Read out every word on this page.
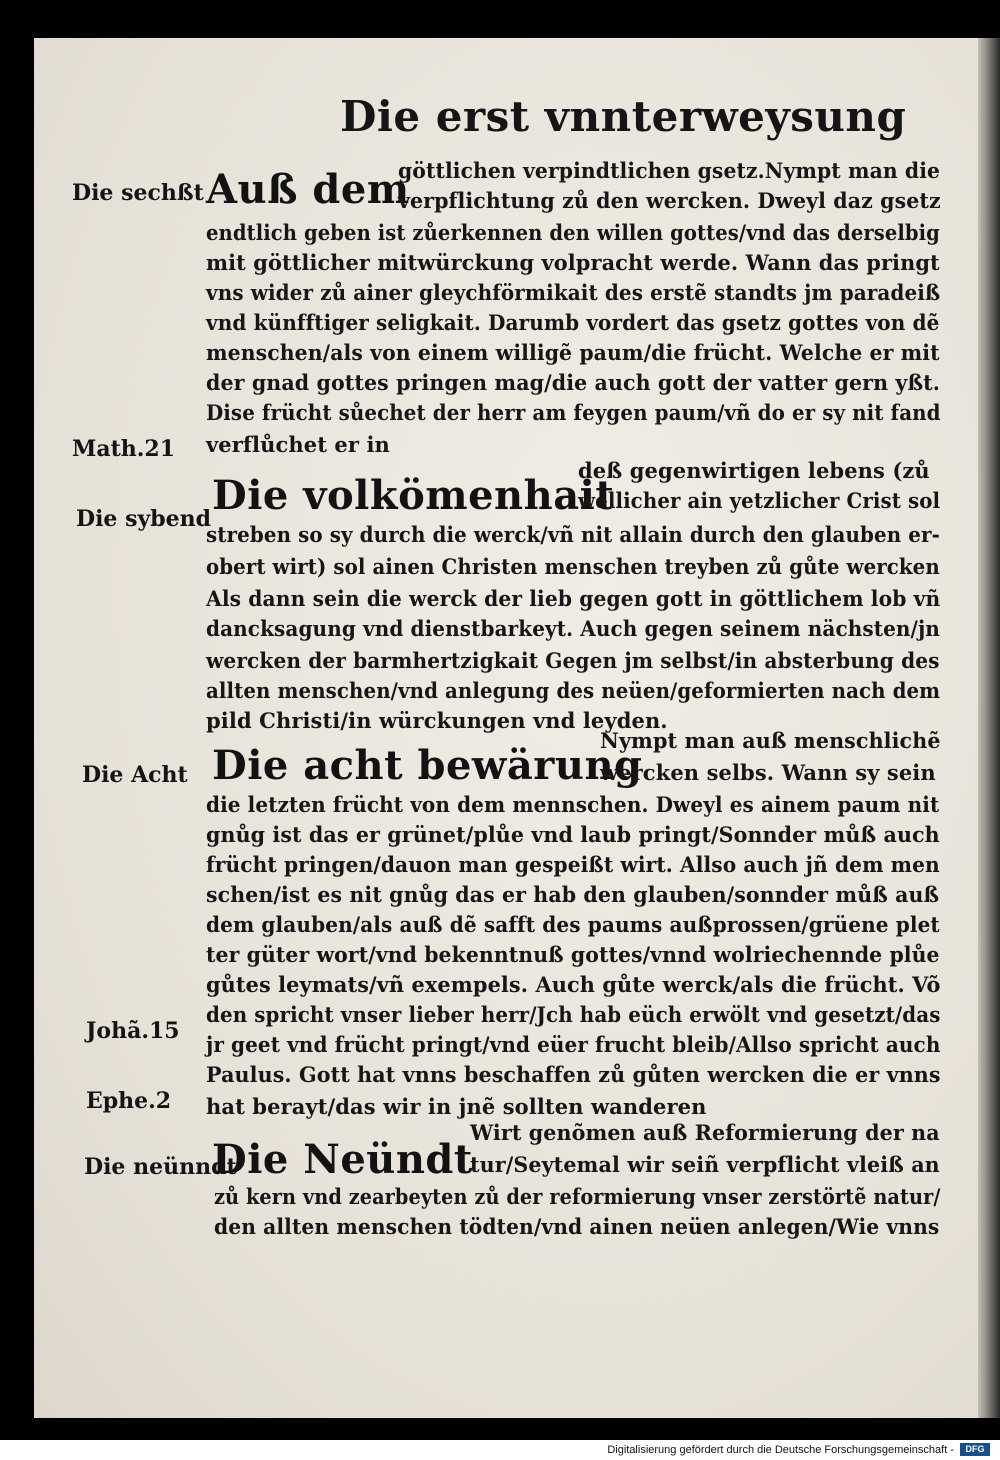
Die erst vnnterweysung
Die sechßt
Math.21
Die sybend
Die Acht
Johã.15
Ephe.2
Die neünndt
Auß dem
göttlichen verpindtlichen gsetz.Nympt man die
verpflichtung zů den wercken. Dweyl daz gsetz
endtlich geben ist zůerkennen den willen gottes/vnd das derselbig
mit göttlicher mitwürckung volpracht werde. Wann das pringt
vns wider zů ainer gleychförmikait des erstẽ standts jm paradeiß
vnd künfftiger seligkait. Darumb vordert das gsetz gottes von dẽ
menschen/als von einem willigẽ paum/die frücht. Welche er mit
der gnad gottes pringen mag/die auch gott der vatter gern yßt.
Dise frücht sůechet der herr am feygen paum/vñ do er sy nit fand
verflůchet er in
Die volkömenhait
deß gegenwirtigen lebens (zů
wellicher ain yetzlicher Crist sol
streben so sy durch die werck/vñ nit allain durch den glauben er-
obert wirt) sol ainen Christen menschen treyben zů gůte wercken
Als dann sein die werck der lieb gegen gott in göttlichem lob vñ
dancksagung vnd dienstbarkeyt. Auch gegen seinem nächsten/jn
wercken der barmhertzigkait Gegen jm selbst/in absterbung des
allten menschen/vnd anlegung des neüen/geformierten nach dem
pild Christi/in würckungen vnd leyden.
Die acht bewärung
Nympt man auß menschlichẽ
wercken selbs. Wann sy sein
die letzten frücht von dem mennschen. Dweyl es ainem paum nit
gnůg ist das er grünet/plůe vnd laub pringt/Sonnder můß auch
frücht pringen/dauon man gespeißt wirt. Allso auch jñ dem men
schen/ist es nit gnůg das er hab den glauben/sonnder můß auß
dem glauben/als auß dẽ safft des paums außprossen/grüene plet
ter güter wort/vnd bekenntnuß gottes/vnnd wolriechennde plůe
gůtes leymats/vñ exempels. Auch gůte werck/als die frücht. Võ
den spricht vnser lieber herr/Jch hab eüch erwölt vnd gesetzt/das
jr geet vnd frücht pringt/vnd eüer frucht bleib/Allso spricht auch
Paulus. Gott hat vnns beschaffen zů gůten wercken die er vnns
hat berayt/das wir in jnẽ sollten wanderen
Die Neündt
Wirt genõmen auß Reformierung der na
tur/Seytemal wir seiñ verpflicht vleiß an
zů kern vnd zearbeyten zů der reformierung vnser zerstörtẽ natur/
den allten menschen tödten/vnd ainen neüen anlegen/Wie vnns
Digitalisierung gefördert durch die Deutsche Forschungsgemeinschaft -	DFG
